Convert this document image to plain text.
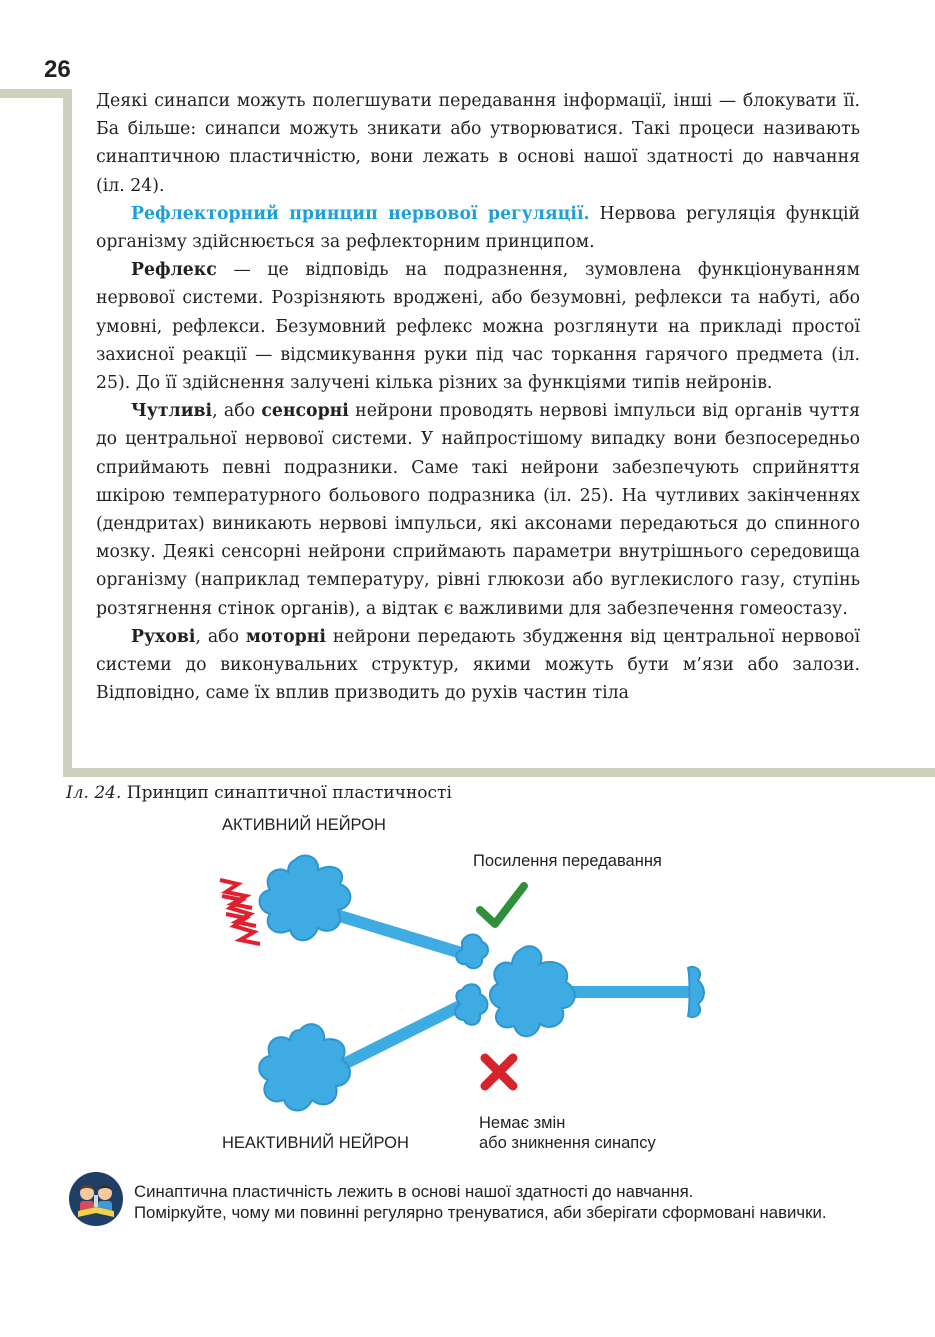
26

Деякі синапси можуть полегшувати передавання інформації, інші — блокувати її. Ба більше: синапси можуть зникати або утворюватися. Такі процеси називають синаптичною пластичністю, вони лежать в основі нашої здатності до навчання (іл. 24).

Рефлекторний принцип нервової регуляції. Нервова регуляція функцій організму здійснюється за рефлекторним принципом.

Рефлекс — це відповідь на подразнення, зумовлена функціонуванням нервової системи. Розрізняють вроджені, або безумовні, рефлекси та набуті, або умовні, рефлекси. Безумовний рефлекс можна розглянути на прикладі простої захисної реакції — відсмикування руки під час торкання гарячого предмета (іл. 25). До її здійснення залучені кілька різних за функціями типів нейронів.

Чутливі, або сенсорні нейрони проводять нервові імпульси від органів чуття до центральної нервової системи. У найпростішому випадку вони безпосередньо сприймають певні подразники. Саме такі нейрони забезпечують сприйняття шкірою температурного больового подразника (іл. 25). На чутливих закінченнях (дендритах) виникають нервові імпульси, які аксонами передаються до спинного мозку. Деякі сенсорні нейрони сприймають параметри внутрішнього середовища організму (наприклад температуру, рівні глюкози або вуглекислого газу, ступінь розтягнення стінок органів), а відтак є важливими для забезпечення гомеостазу.

Рухові, або моторні нейрони передають збудження від центральної нервової системи до виконувальних структур, якими можуть бути м’язи або залози. Відповідно, саме їх вплив призводить до рухів частин тіла

Іл. 24. Принцип синаптичної пластичності
АКТИВНИЙ НЕЙРОН
Посилення передавання
Немає змін
або зникнення синапсу
НЕАКТИВНИЙ НЕЙРОН
Синаптична пластичність лежить в основі нашої здатності до навчання.
Поміркуйте, чому ми повинні регулярно тренуватися, аби зберігати сформовані навички.
